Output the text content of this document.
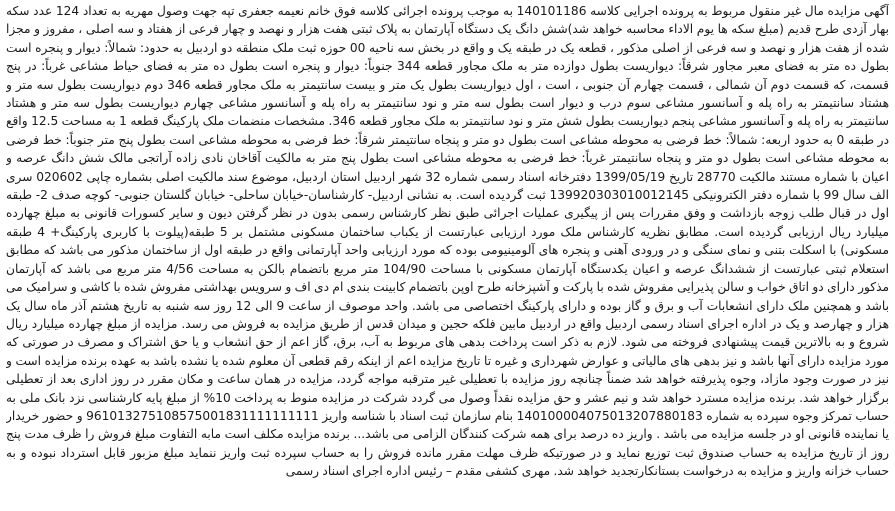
آگهی مزایده مال غیر منقول مربوط به پرونده اجرایی کلاسه 140101186 به موجب پرونده اجرائی کلاسه فوق خانم نعیمه جعفری تپه جهت وصول مهریه به تعداد 124 عدد سکه بهار آزدی طرح قدیم (مبلغ سکه ها یوم الاداء محاسبه خواهد شد)شش دانگ یک دستگاه آپارتمان به پلاک ثبتی هفت هزار و نهصد و چهار فرعی از هفتاد و سه اصلی ، مفروز و مجزا شده از هفت هزار و نهصد و سه فرعی از اصلی مذکور ، قطعه یک در طبقه یک و واقع در بخش سه ناحیه 00 حوزه ثبت ملک منطقه دو اردبیل به حدود: شمالاً: دیوار و پنجره است بطول ده متر به فضای معبر مجاور شرقاً: دیواریست بطول دوازده متر به ملک مجاور قطعه 344 جنوباً: دیوار و پنجره است بطول ده متر به فضای حیاط مشاعی غرباً: در پنج قسمت، که قسمت دوم آن شمالی ، قسمت چهارم آن جنوبی ، است ، اول دیواریست بطول یک متر و بیست سانتیمتر به ملک مجاور قطعه 346 دوم دیواریست بطول سه متر و هشتاد سانتیمتر به راه پله و آسانسور مشاعی سوم درب و دیوار است بطول سه متر و نود سانتیمتر به راه پله و آسانسور مشاعی چهارم دیواریست بطول سه متر و هشتاد سانتیمتر به راه پله و آسانسور مشاعی پنجم دیواریست بطول شش متر و نود سانتیمتر به ملک مجاور قطعه 346. مشخصات منضمات ملک پارکینگ قطعه 1 به مساحت 12.5 واقع در طبقه 0 به حدود اربعه: شمالاً: خط فرضی به محوطه مشاعی است بطول دو متر و پنجاه سانتیمتر شرقاً: خط فرضی به محوطه مشاعی است بطول پنج متر جنوباً: خط فرضی به محوطه مشاعی است بطول دو متر و پنجاه سانتیمتر غرباً: خط فرضی به محوطه مشاعی است بطول پنج متر به مالکیت آقاخان نادی زاده آراتجی مالک شش دانگ عرصه و اعیان با شماره مستند مالکیت 28770 تاریخ 1399/05/19 دفترخانه اسناد رسمی شماره 32 شهر اردبیل استان اردبیل، موضوع سند مالکیت اصلی بشماره چاپی 020602 سری الف سال 99 با شماره دفتر الکترونیکی 139920303010012145 ثبت گردیده است. به نشانی اردبیل- کارشناسان-خیابان ساحلی- خیابان گلستان جنوبی- کوچه صدف 2- طبقه اول در قبال طلب زوجه بازداشت و وفق مقررات پس از پیگیری عملیات اجرائی طبق نظر کارشناس رسمی بدون در نظر گرفتن دیون و سایر کسورات قانونی به مبلغ چهارده میلیارد ریال ارزیابی گردیده است. مطابق نظریه کارشناس ملک مورد ارزیابی عبارتست از یکباب ساختمان مسکونی مشتمل بر 5 طبقه(پیلوت با کاربری پارکینگ+ 4 طبقه مسکونی) با اسکلت بتنی و نمای سنگی و در ورودی آهنی و پنجره های آلومینیومی بوده که مورد ارزیابی واحد آپارتمانی واقع در طبقه اول از ساختمان مذکور می باشد که مطابق استعلام ثبتی عبارتست از ششدانگ عرصه و اعیان یکدستگاه آپارتمان مسکونی با مساحت 104/90 متر مربع باتضمام بالکن به مساحت 4/56 متر مربع می باشد که آپارتمان مذکور دارای دو اتاق خواب و سالن پذیرایی مفروش شده با پارکت و آشپزخانه طرح اوپن باتضمام کابینت بندی ام دی اف و سرویس بهداشتی مفروش شده با کاشی و سرامیک می باشد و همچنین ملک دارای انشعابات آب و برق و گاز بوده و دارای پارکینگ اختصاصی می باشد. واحد موصوف از ساعت 9 الی 12 روز سه شنبه به تاریخ هشتم آذر ماه سال یک هزار و چهارصد و یک در اداره اجرای اسناد رسمی اردبیل واقع در اردبیل مابین فلکه حجین و میدان قدس از طریق مزایده به فروش می رسد. مزایده از مبلغ چهارده میلیارد ریال شروع و به بالاترین قیمت پیشنهادی فروخته می شود. لازم به ذکر است پرداخت بدهی های مربوط به آب، برق، گاز اعم از حق انشعاب و یا حق اشتراک و مصرف در صورتی که مورد مزایده دارای آنها باشد و نیز بدهی های مالیاتی و عوارض شهرداری و غیره تا تاریخ مزایده اعم از اینکه رقم قطعی آن معلوم شده یا نشده باشد به عهده برنده مزایده است و نیز در صورت وجود مازاد، وجوه پذیرفته خواهد شد ضمناً چنانچه روز مزایده با تعطیلی غیر مترقبه مواجه گردد، مزایده در همان ساعت و مکان مقرر در روز اداری بعد از تعطیلی برگزار خواهد شد. برنده مزایده مسترد خواهد شد و نیم عشر و حق مزایده نقداً وصول می گردد شرکت در مزایده منوط به پرداخت 10% از مبلغ پایه کارشناسی نزد بانک ملی به حساب تمرکز وجوه سپرده به شماره 140100004075013207880183 بنام سازمان ثبت اسناد با شناسه واریز 961013275108575001831111111111 و حضور خریدار یا نماینده قانونی او در جلسه مزایده می باشد . واریز ده درصد برای همه شرکت کنندگان الزامی می باشد... برنده مزایده مکلف است مابه التفاوت مبلغ فروش را ظرف مدت پنج روز از تاریخ مزایده به حساب صندوق ثبت توزیع نماید و در صورتیکه ظرف مهلت مقرر مانده فروش را به حساب سپرده ثبت واریز ننماید مبلغ مزبور قابل استرداد نبوده و به حساب خزانه واریز و مزایده به درخواست بستانکارتجدید خواهد شد. مهری کشفی مقدم – رئیس اداره اجرای اسناد رسمی
